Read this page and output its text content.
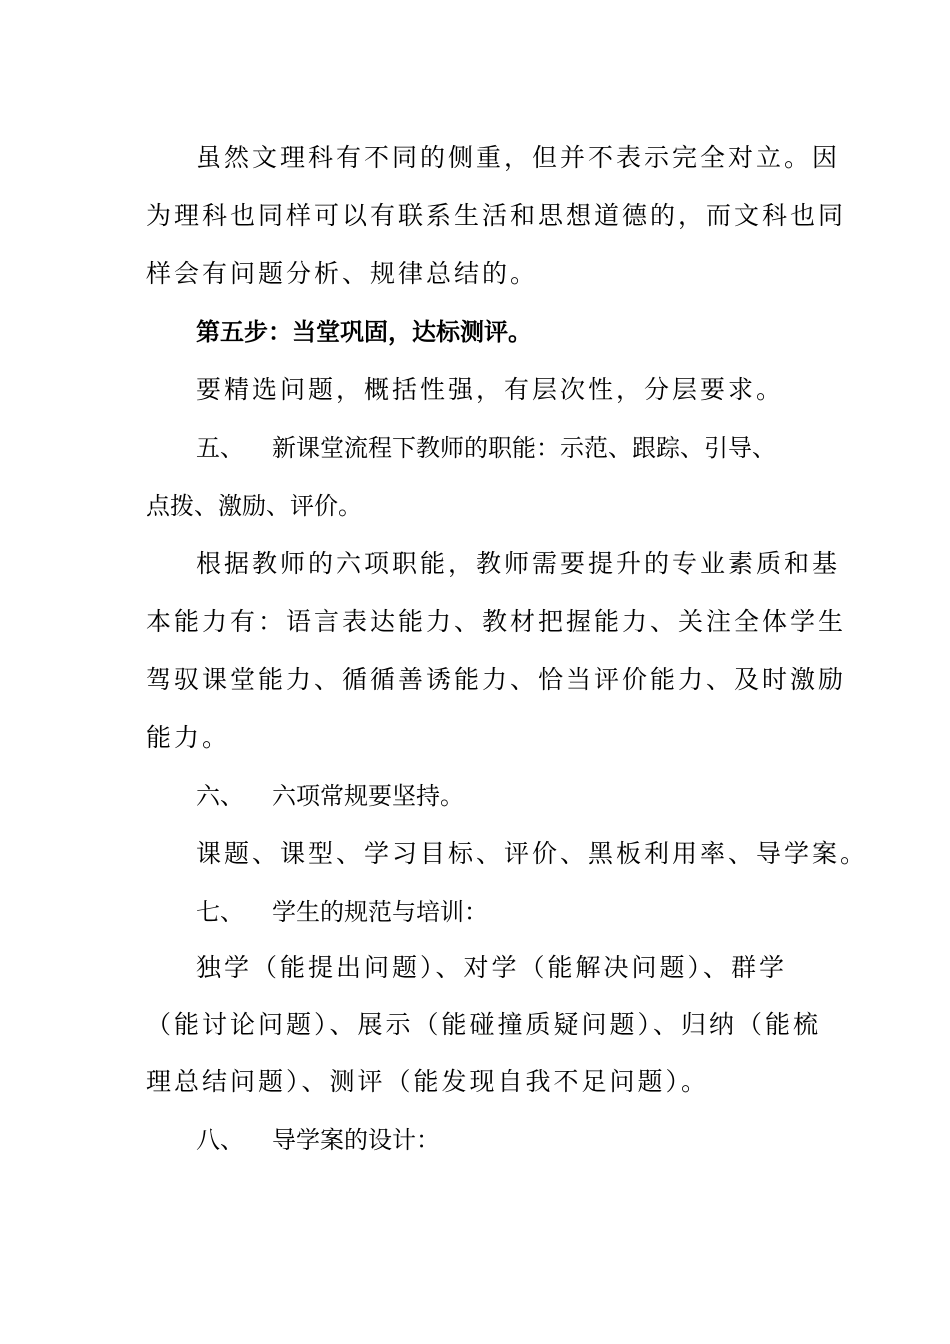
虽然文理科有不同的侧重，但并不表示完全对立。因
为理科也同样可以有联系生活和思想道德的，而文科也同
样会有问题分析、规律总结的。
第五步：当堂巩固，达标测评。
要精选问题，概括性强，有层次性，分层要求。
五、 新课堂流程下教师的职能：示范、跟踪、引导、
点拨、激励、评价。
根据教师的六项职能，教师需要提升的专业素质和基
本能力有：语言表达能力、教材把握能力、关注全体学生
驾驭课堂能力、循循善诱能力、恰当评价能力、及时激励
能力。
六、 六项常规要坚持。
课题、课型、学习目标、评价、黑板利用率、导学案。
七、 学生的规范与培训：
独学（能提出问题）、对学（能解决问题）、群学
（能讨论问题）、展示（能碰撞质疑问题）、归纳（能梳
理总结问题）、测评（能发现自我不足问题）。
八、 导学案的设计：
